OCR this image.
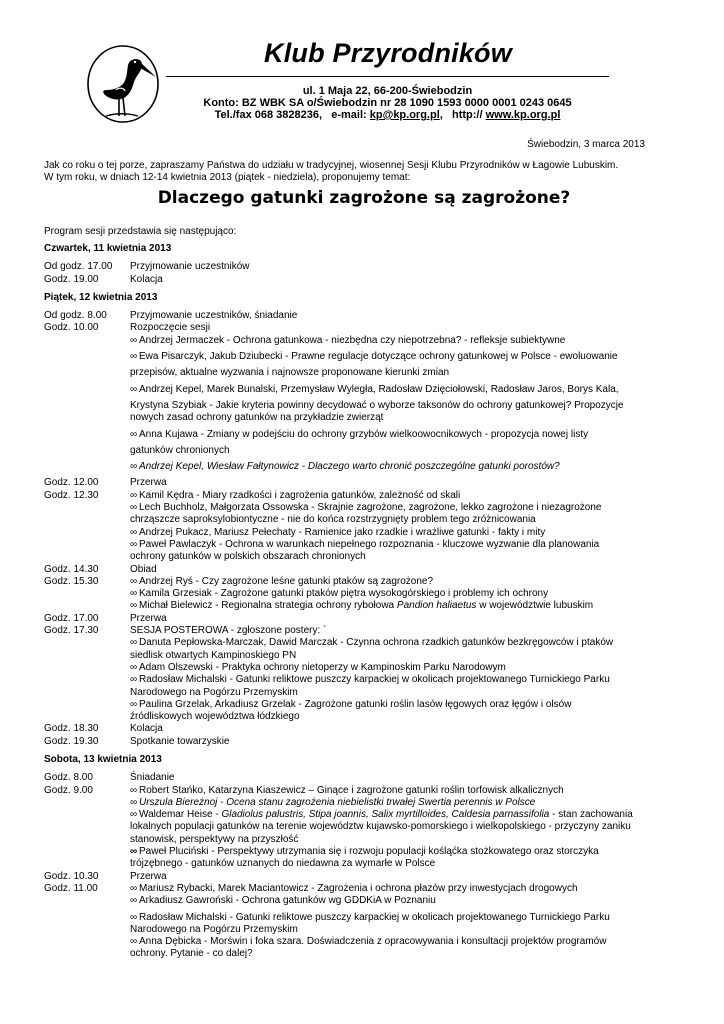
Klub Przyrodników
ul. 1 Maja 22, 66-200-Świebodzin
Konto: BZ WBK SA o/Świebodzin nr 28 1090 1593 0000 0001 0243 0645
Tel./fax 068 3828236, e-mail: kp@kp.org.pl,   http:// www.kp.org.pl
Świebodzin, 3 marca 2013
Jak co roku o tej porze, zapraszamy Państwa do udziału w tradycyjnej, wiosennej Sesji Klubu Przyrodników w Łagowie Lubuskim.
W tym roku, w dniach 12-14 kwietnia 2013 (piątek - niedziela), proponujemy temat:
Dlaczego gatunki zagrożone są zagrożone?
Program sesji przedstawia się następująco:
Czwartek, 11 kwietnia 2013
Od godz. 17.00	Przyjmowanie uczestników
Godz. 19.00	Kolacja
Piątek, 12 kwietnia 2013
Od godz. 8.00	Przyjmowanie uczestników, śniadanie
Godz. 10.00	Rozpoczęcie sesji
∞ Andrzej Jermaczek - Ochrona gatunkowa - niezbędna czy niepotrzebna? - refleksje subiektywne
∞ Ewa Pisarczyk, Jakub Dziubecki - Prawne regulacje dotyczące ochrony gatunkowej w Polsce - ewoluowanie
przepisów, aktualne wyzwania i najnowsze proponowane kierunki zmian
∞ Andrzej Kepel, Marek Bunalski, Przemysław Wyległa, Radosław Dzięciołowski, Radosław Jaros, Borys Kala,
Krystyna Szybiak - Jakie kryteria powinny decydować o wyborze taksonów do ochrony gatunkowej? Propozycje
nowych zasad ochrony gatunków na przykładzie zwierząt
∞ Anna Kujawa - Zmiany w podejściu do ochrony grzybów wielkoowocnikowych - propozycja nowej listy
gatunków chronionych
∞ Andrzej Kepel, Wiesław Fałtynowicz - Dlaczego warto chronić poszczególne gatunki porostów?
Godz. 12.00	Przerwa
Godz. 12.30	∞ Kamil Kędra - Miary rzadkości i zagrożenia gatunków, zależność od skali
∞ Lech Buchholz, Małgorzata Ossowska - Skrajnie zagrożone, zagrożone, lekko zagrożone i niezagrożone
chrząszcze saproksylobiontyczne - nie do końca rozstrzygnięty problem tego zróżnicowania
∞ Andrzej Pukacz, Mariusz Pełechaty - Ramienice jako rzadkie i wrażliwe gatunki - fakty i mity
∞ Paweł Pawlaczyk - Ochrona w warunkach niepełnego rozpoznania - kluczowe wyzwanie dla planowania
ochrony gatunków w polskich obszarach chronionych
Godz. 14.30	Obiad
Godz. 15.30	∞ Andrzej Ryś - Czy zagrożone leśne gatunki ptaków są zagrożone?
∞ Kamila Grzesiak - Zagrożone gatunki ptaków piętra wysokogórskiego i problemy ich ochrony
∞ Michał Bielewicz - Regionalna strategia ochrony rybołowa Pandion haliaetus w województwie lubuskim
Godz. 17.00	Przerwa
Godz. 17.30	SESJA POSTEROWA - zgłoszone postery: `
∞ Danuta Pepłowska-Marczak, Dawid Marczak - Czynna ochrona rzadkich gatunków bezkręgowców i ptaków
siedlisk otwartych Kampinoskiego PN
∞ Adam Olszewski - Praktyka ochrony nietoperzy w Kampinoskim Parku Narodowym
∞ Radosław Michalski - Gatunki reliktowe puszczy karpackiej w okolicach projektowanego Turnickiego Parku
Narodowego na Pogórzu Przemyskim
∞ Paulina Grzelak, Arkadiusz Grzelak - Zagrożone gatunki roślin lasów łęgowych oraz łęgów i olsów
źródliskowych województwa łódzkiego
Godz. 18.30	Kolacja
Godz. 19.30	Spotkanie towarzyskie
Sobota, 13 kwietnia 2013
Godz. 8.00	Śniadanie
Godz. 9.00	∞ Robert Stańko, Katarzyna Kiaszewicz – Ginące i zagrożone gatunki roślin torfowisk alkalicznych
∞ Urszula Biereżnoj - Ocena stanu zagrożenia niebielistki trwałej Swertia perennis w Polsce
∞ Waldemar Heise - Gladiolus palustris, Stipa joannis, Salix myrtilloides, Caldesia parnassifolia - stan zachowania
lokalnych populacji gatunków na terenie województw kujawsko-pomorskiego i wielkopolskiego - przyczyny zaniku
stanowisk, perspektywy na przyszłość
∞ Paweł Pluciński - Perspektywy utrzymania się i rozwoju populacji kośląćka stożkowatego oraz storczyka
trójzębnego - gatunków uznanych do niedawna za wymarłe w Polsce
Godz. 10.30	Przerwa
Godz. 11.00	∞ Mariusz Rybacki, Marek Maciantowicz - Zagrożenia i ochrona płazów przy inwestycjach drogowych
∞ Arkadiusz Gawroński - Ochrona gatunków wg GDDKiA w Poznaniu
∞ Radosław Michalski - Gatunki reliktowe puszczy karpackiej w okolicach projektowanego Turnickiego Parku
Narodowego na Pogórzu Przemyskim
∞ Anna Dębicka - Morświn i foka szara. Doświadczenia z opracowywania i konsultacji projektów programów
ochrony. Pytanie - co dalej?
